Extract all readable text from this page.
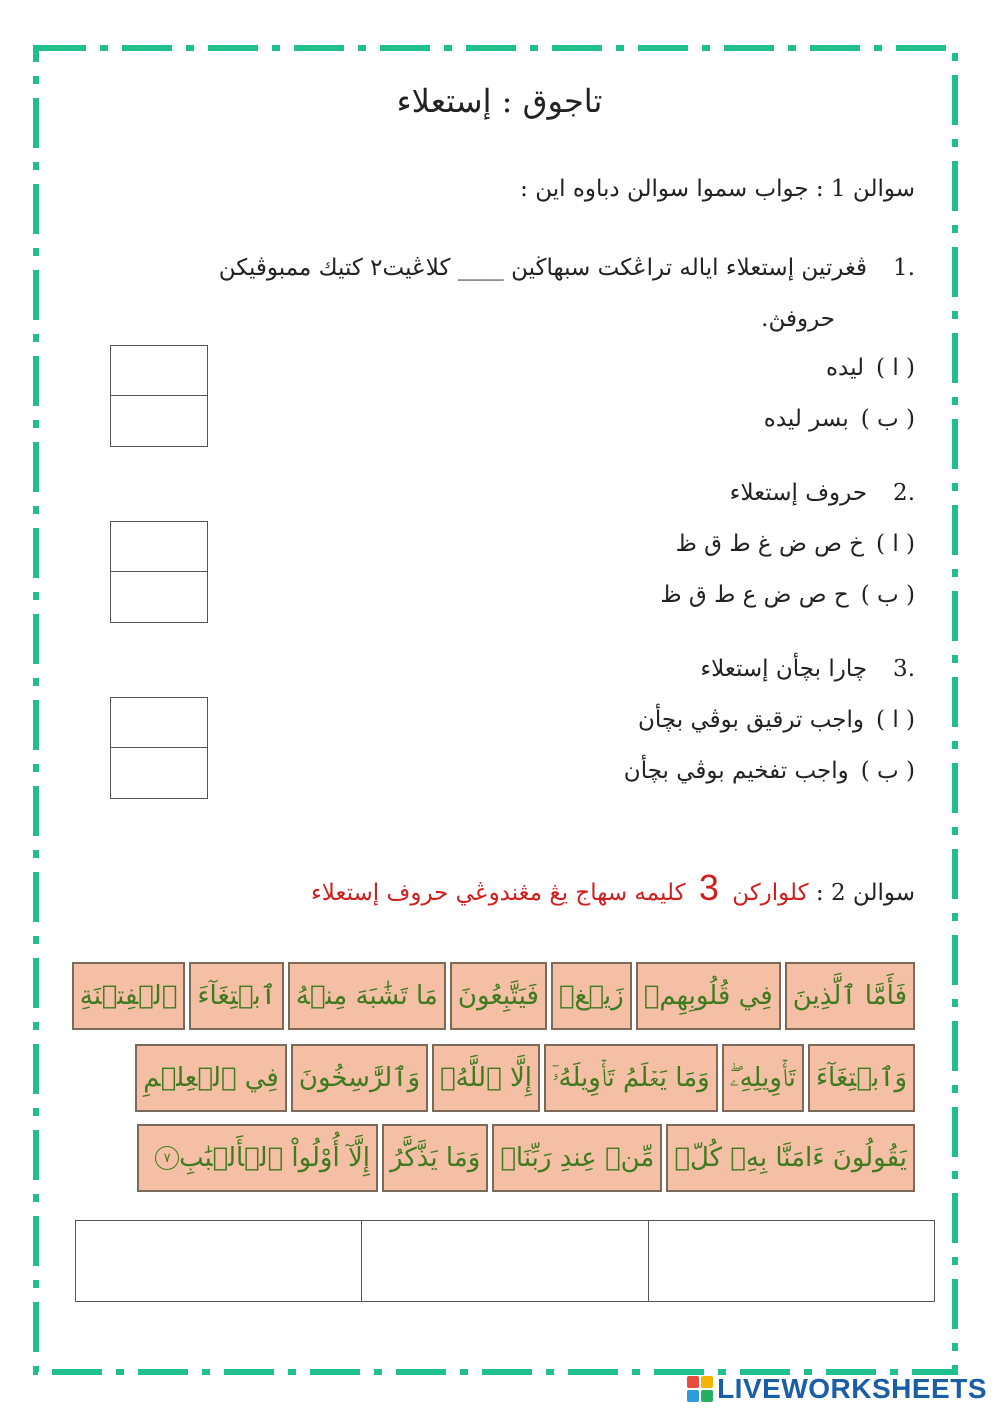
تاجوق : إستعلاء
سوالن 1 : جواب سموا سوالن دباوه اين :
.1ڤغرتين إستعلاء اياله تراڠكت سبهاڬين ____ كلاڠيت٢ كتيك ممبوڤيكن
حروفڽ.
( ا )ليده
( ب )بسر ليده
.2حروف إستعلاء
( ا )خ ص ض غ ط ق ظ
( ب )ح ص ض ع ط ق ظ
.3چارا بچأن إستعلاء
( ا )واجب ترقيق بوڤي بچأن
( ب )واجب تفخيم بوڤي بچأن
سوالن 2 : كلواركن 3 كليمه سهاج يڠ مڠندوڠي حروف إستعلاء
فَأَمَّا ٱلَّذِينَ
فِي قُلُوبِهِمۡ
زَيۡغٞ
فَيَتَّبِعُونَ
مَا تَشَٰبَهَ مِنۡهُ
ٱبۡتِغَآءَ
ٱلۡفِتۡنَةِ
وَٱبۡتِغَآءَ
تَأۡوِيلِهِۦۖ
وَمَا يَعۡلَمُ تَأۡوِيلَهُۥٓ
إِلَّا ٱللَّهُۗ
وَٱلرَّٰسِخُونَ
فِي ٱلۡعِلۡمِ
يَقُولُونَ ءَامَنَّا بِهِۦ كُلّٞ
مِّنۡ عِندِ رَبِّنَاۗ
وَمَا يَذَّكَّرُ
إِلَّآ أُوْلُواْ ٱلۡأَلۡبَٰبِ
٧
LIVEWORKSHEETS
